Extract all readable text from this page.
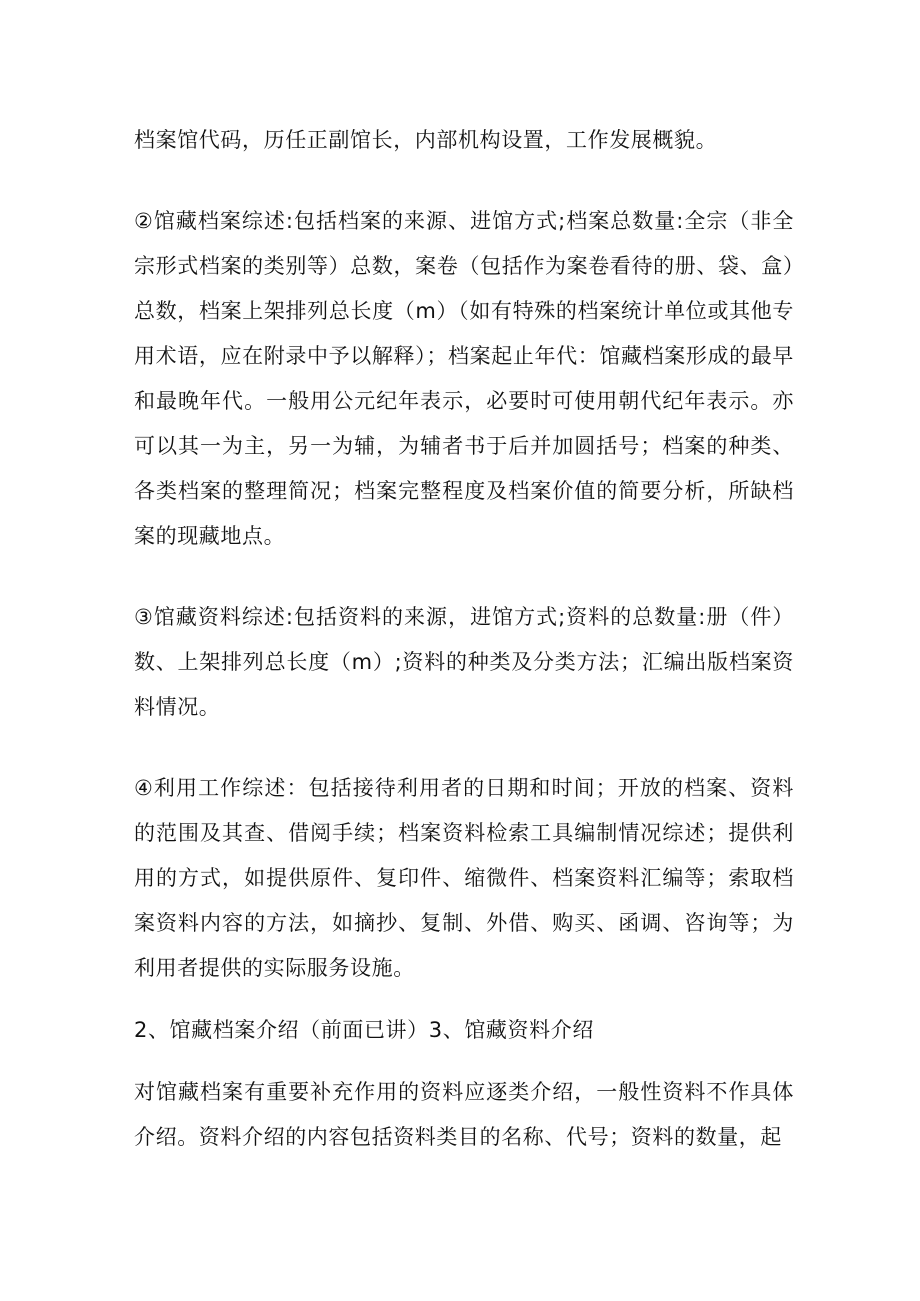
档案馆代码，历任正副馆长，内部机构设置，工作发展概貌。

②馆藏档案综述:包括档案的来源、进馆方式;档案总数量:全宗（非全宗形式档案的类别等）总数，案卷（包括作为案卷看待的册、袋、盒）总数，档案上架排列总长度（m）（如有特殊的档案统计单位或其他专用术语，应在附录中予以解释）；档案起止年代：馆藏档案形成的最早和最晚年代。一般用公元纪年表示，必要时可使用朝代纪年表示。亦可以其一为主，另一为辅，为辅者书于后并加圆括号；档案的种类、各类档案的整理简况；档案完整程度及档案价值的简要分析，所缺档案的现藏地点。

③馆藏资料综述:包括资料的来源，进馆方式;资料的总数量:册（件）数、上架排列总长度（m）;资料的种类及分类方法；汇编出版档案资料情况。

④利用工作综述：包括接待利用者的日期和时间；开放的档案、资料的范围及其查、借阅手续；档案资料检索工具编制情况综述；提供利用的方式，如提供原件、复印件、缩微件、档案资料汇编等；索取档案资料内容的方法，如摘抄、复制、外借、购买、函调、咨询等；为利用者提供的实际服务设施。

2、馆藏档案介绍（前面已讲）3、馆藏资料介绍

对馆藏档案有重要补充作用的资料应逐类介绍，一般性资料不作具体介绍。资料介绍的内容包括资料类目的名称、代号；资料的数量，起
